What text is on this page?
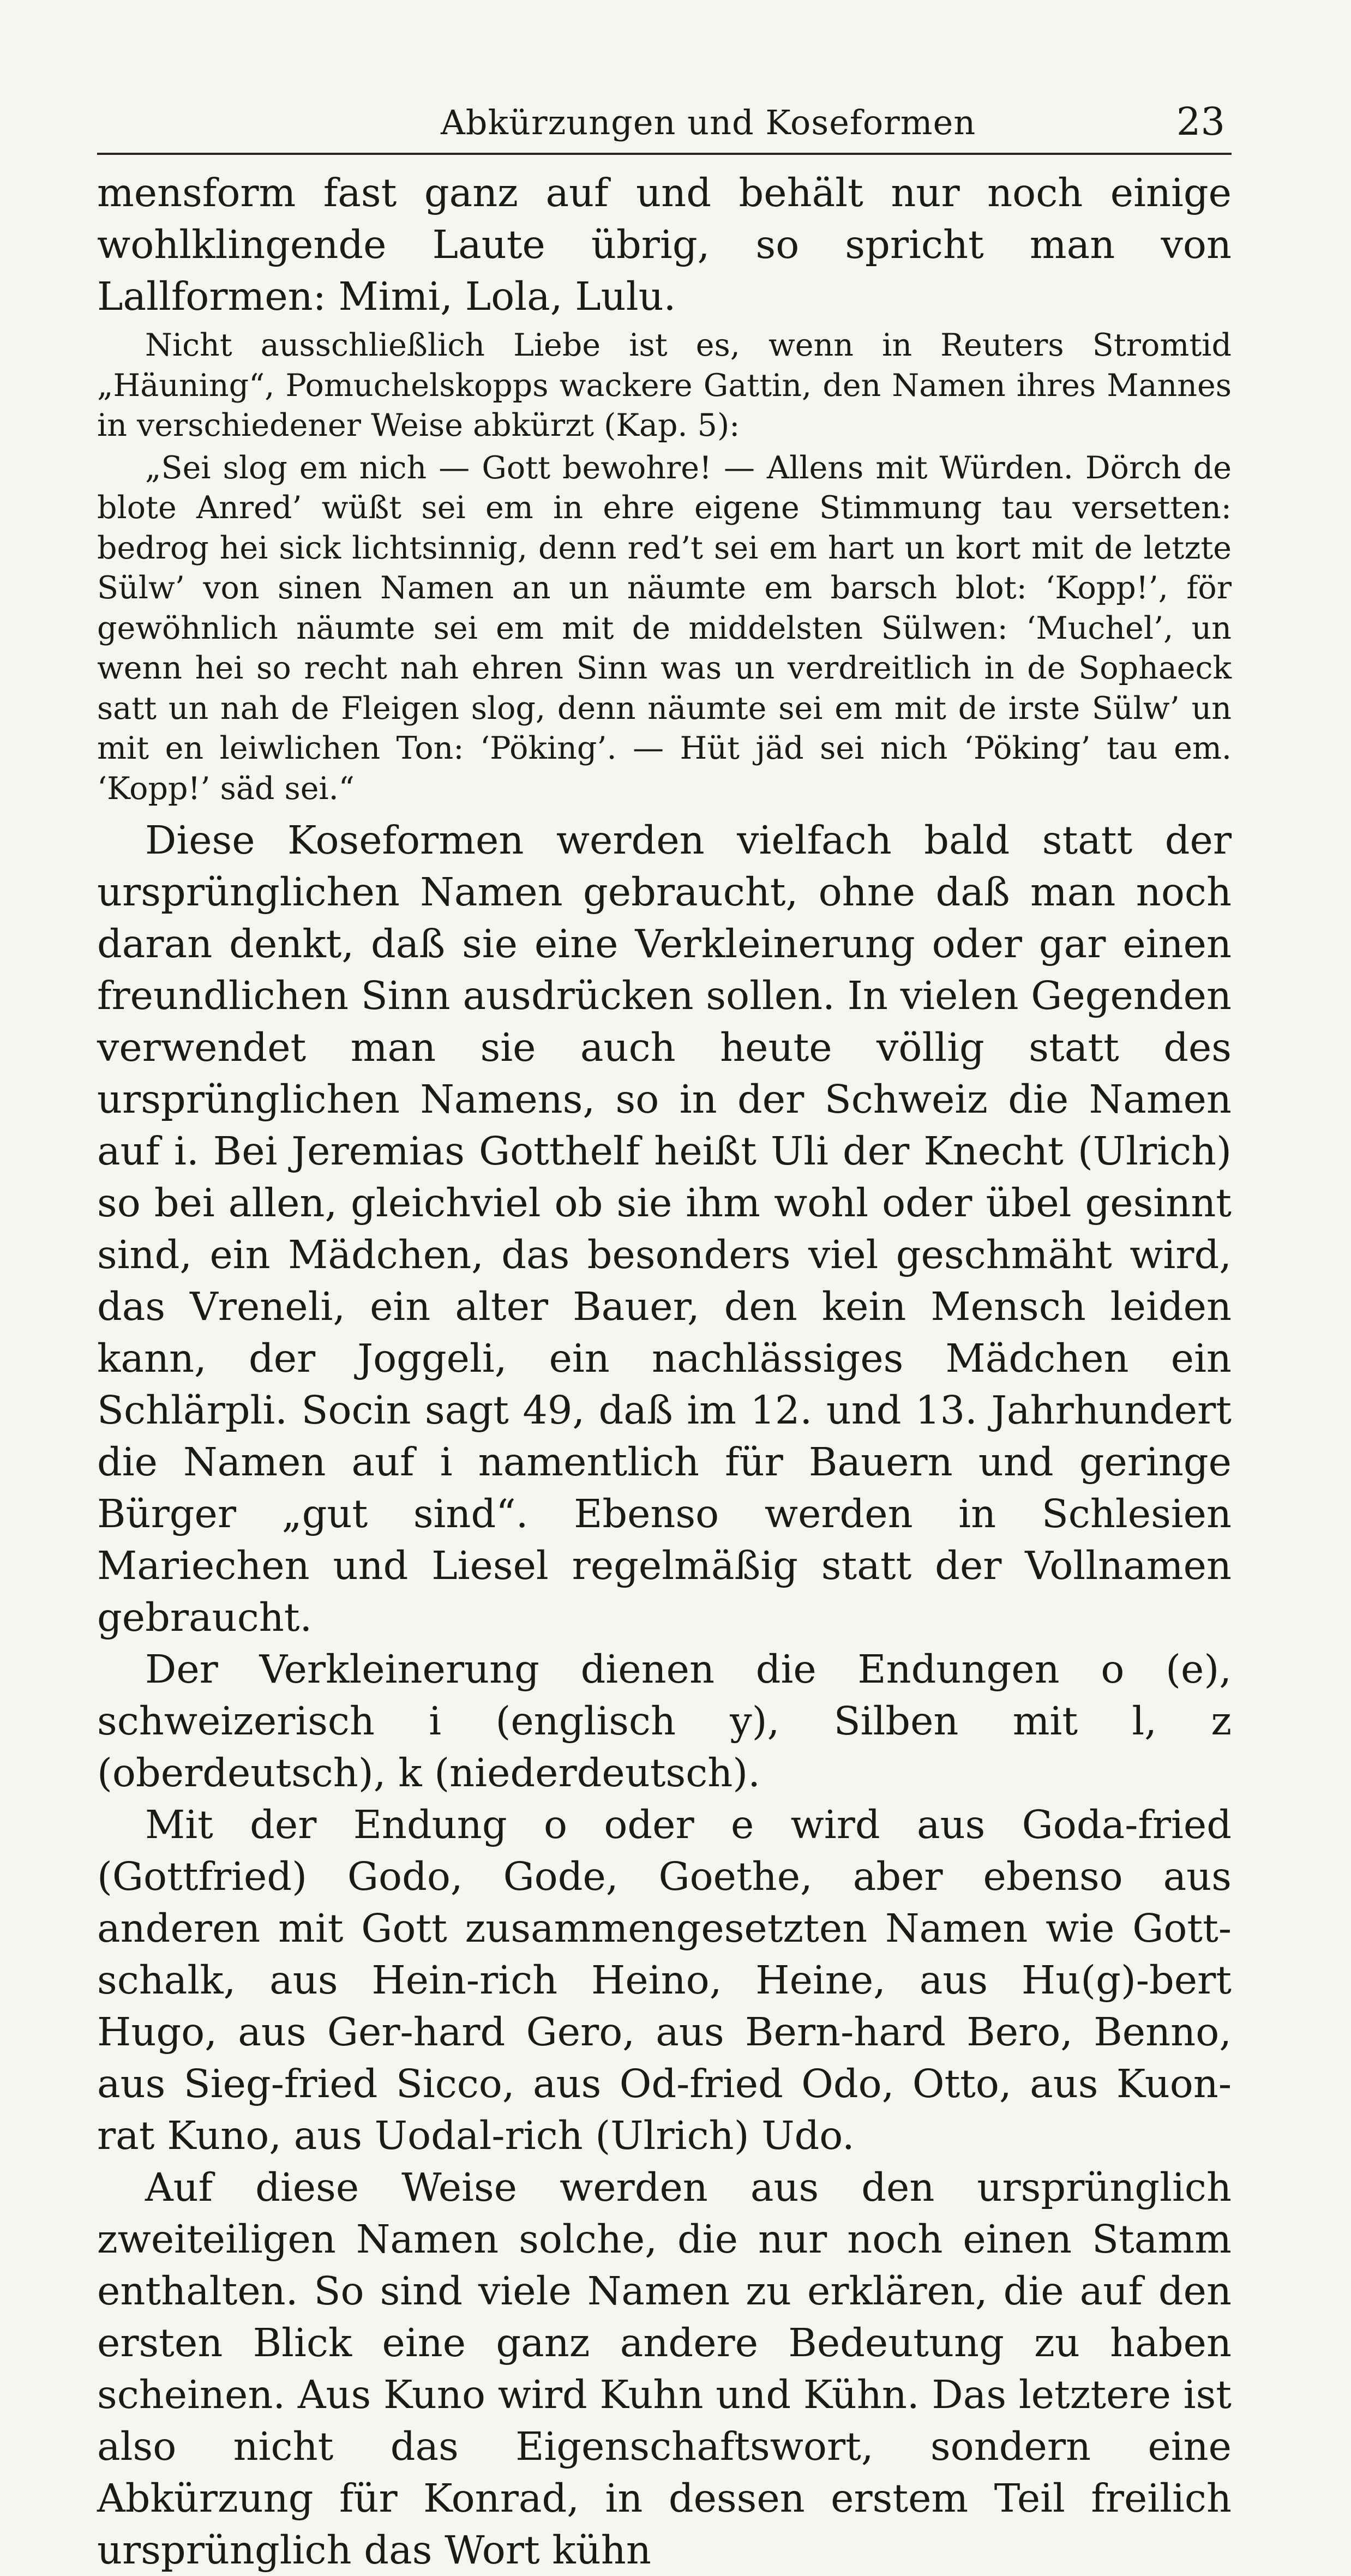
Abkürzungen und Koseformen	23

mensform fast ganz auf und behält nur noch einige wohlklingende Laute übrig, so spricht man von Lallformen: Mimi, Lola, Lulu.

Nicht ausschließlich Liebe ist es, wenn in Reuters Stromtid „Häuning“, Pomuchelskopps wackere Gattin, den Namen ihres Mannes in verschiedener Weise abkürzt (Kap. 5):

„Sei slog em nich — Gott bewohre! — Allens mit Würden. Dörch de blote Anred’ wüßt sei em in ehre eigene Stimmung tau versetten: bedrog hei sick lichtsinnig, denn red’t sei em hart un kort mit de letzte Sülw’ von sinen Namen an un näumte em barsch blot: ‘Kopp!’, för gewöhnlich näumte sei em mit de middelsten Sülwen: ‘Muchel’, un wenn hei so recht nah ehren Sinn was un verdreitlich in de Sophaeck satt un nah de Fleigen slog, denn näumte sei em mit de irste Sülw’ un mit en leiwlichen Ton: ‘Pöking’. — Hüt jäd sei nich ‘Pöking’ tau em. ‘Kopp!’ säd sei.“

Diese Koseformen werden vielfach bald statt der ursprünglichen Namen gebraucht, ohne daß man noch daran denkt, daß sie eine Verkleinerung oder gar einen freundlichen Sinn ausdrücken sollen. In vielen Gegenden verwendet man sie auch heute völlig statt des ursprünglichen Namens, so in der Schweiz die Namen auf i. Bei Jeremias Gotthelf heißt Uli der Knecht (Ulrich) so bei allen, gleichviel ob sie ihm wohl oder übel gesinnt sind, ein Mädchen, das besonders viel geschmäht wird, das Vreneli, ein alter Bauer, den kein Mensch leiden kann, der Joggeli, ein nachlässiges Mädchen ein Schlärpli. Socin sagt 49, daß im 12. und 13. Jahrhundert die Namen auf i namentlich für Bauern und geringe Bürger „gut sind“. Ebenso werden in Schlesien Mariechen und Liesel regelmäßig statt der Vollnamen gebraucht.

Der Verkleinerung dienen die Endungen o (e), schweizerisch i (englisch y), Silben mit l, z (oberdeutsch), k (niederdeutsch).

Mit der Endung o oder e wird aus Goda-fried (Gottfried) Godo, Gode, Goethe, aber ebenso aus anderen mit Gott zusammengesetzten Namen wie Gott-schalk, aus Hein-rich Heino, Heine, aus Hu(g)-bert Hugo, aus Ger-hard Gero, aus Bern-hard Bero, Benno, aus Sieg-fried Sicco, aus Od-fried Odo, Otto, aus Kuon-rat Kuno, aus Uodal-rich (Ulrich) Udo.

Auf diese Weise werden aus den ursprünglich zweiteiligen Namen solche, die nur noch einen Stamm enthalten. So sind viele Namen zu erklären, die auf den ersten Blick eine ganz andere Bedeutung zu haben scheinen. Aus Kuno wird Kuhn und Kühn. Das letztere ist also nicht das Eigenschaftswort, sondern eine Abkürzung für Konrad, in dessen erstem Teil freilich ursprünglich das Wort kühn
